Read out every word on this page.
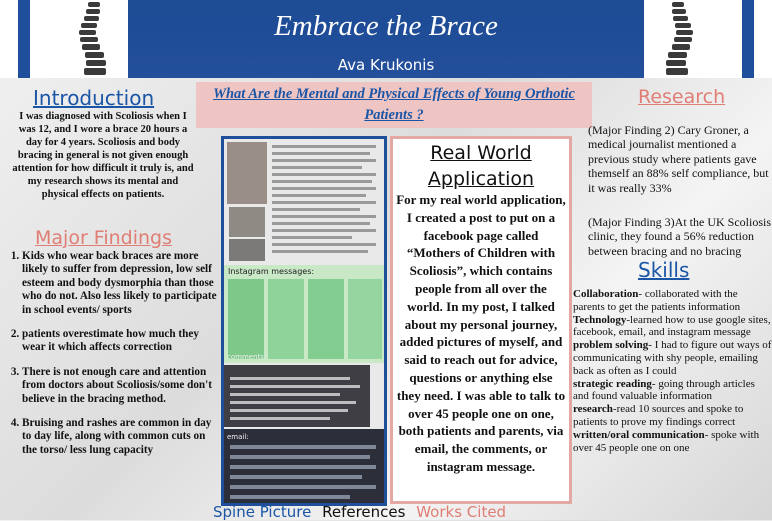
Embrace the Brace
Ava Krukonis
What Are the Mental and Physical Effects of Young Orthotic Patients ?
Introduction
I was diagnosed with Scoliosis when I was 12, and I wore a brace 20 hours a day for 4 years. Scoliosis and body bracing in general is not given enough attention for how difficult it truly is, and my research shows its mental and physical effects on patients.
Major Findings
1. Kids who wear back braces are more likely to suffer from depression, low self esteem and body dysmorphia than those who do not. Also less likely to participate in school events/ sports
2. patients overestimate how much they wear it which affects correction
3. There is not enough care and attention from doctors about Scoliosis/some don't believe in the bracing method.
4. Bruising and rashes are common in day to day life, along with common cuts on the torso/ less lung capacity
Instagram messages:
comments:
email:
Real World
Application
For my real world application, I created a post to put on a facebook page called “Mothers of Children with Scoliosis”, which contains people from all over the world. In my post, I talked about my personal journey, added pictures of myself, and said to reach out for advice, questions or anything else they need. I was able to talk to over 45 people one on one, both patients and parents, via email, the comments, or instagram message.
Research
(Major Finding 2) Cary Groner, a medical journalist mentioned a previous study where patients gave themself an 88% self compliance, but it was really 33%
(Major Finding 3)At the UK Scoliosis clinic, they found a 56% reduction between bracing and no bracing
Skills
Collaboration- collaborated with the parents to get the patients information
Technology-learned how to use google sites, facebook, email, and instagram message
problem solving- I had to figure out ways of communicating with shy people, emailing back as often as I could
strategic reading- going through articles and found valuable information
research-read 10 sources and spoke to patients to prove my findings correct
written/oral communication- spoke with over 45 people one on one
Spine Picture References Works Cited
